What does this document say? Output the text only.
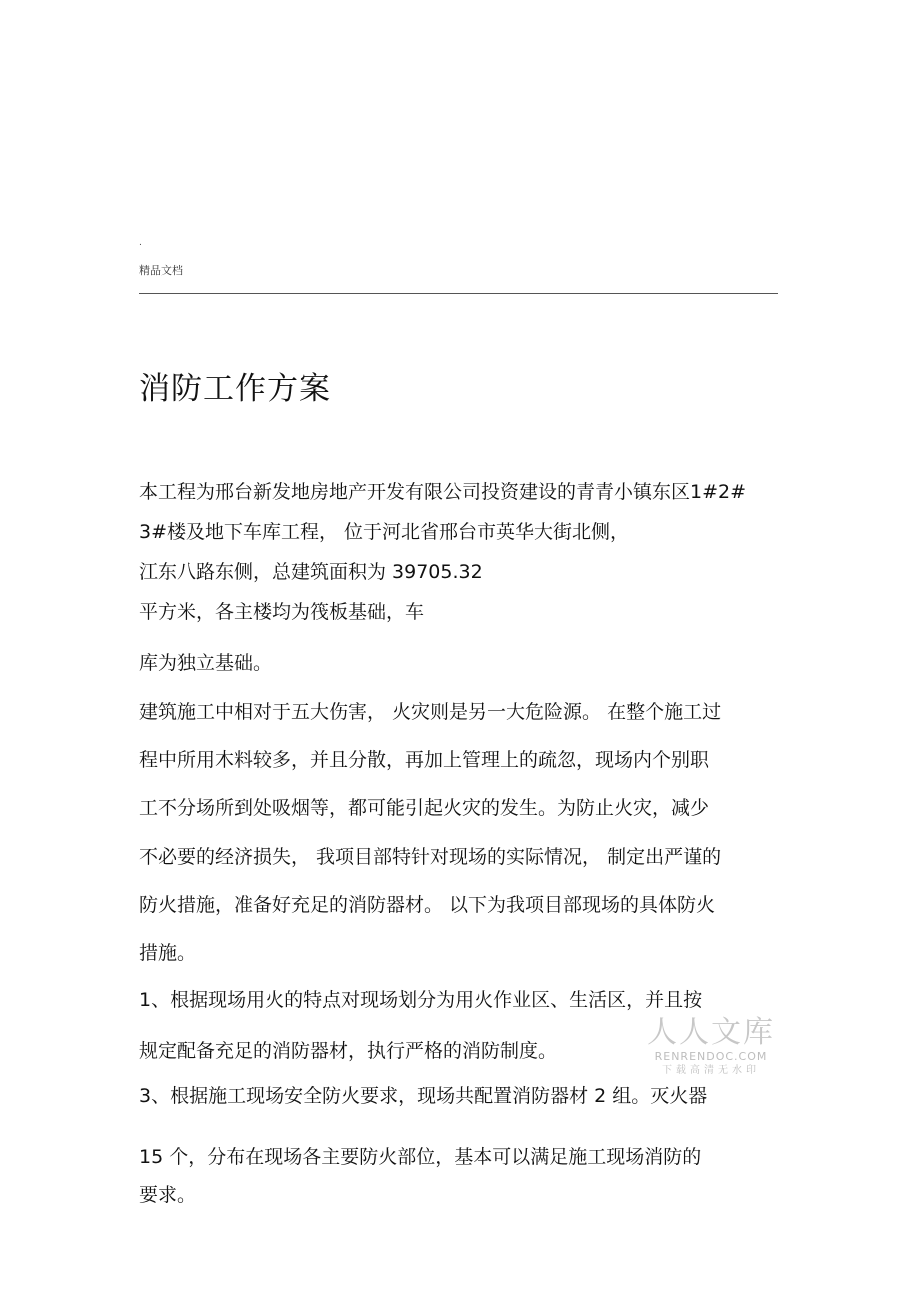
.
精品文档
消防工作方案
本工程为邢台新发地房地产开发有限公司投资建设的青青小镇东区1#2#
3#楼及地下车库工程， 位于河北省邢台市英华大街北侧，
江东八路东侧，总建筑面积为 39705.32
平方米，各主楼均为筏板基础，车
库为独立基础。
建筑施工中相对于五大伤害， 火灾则是另一大危险源。 在整个施工过
程中所用木料较多，并且分散，再加上管理上的疏忽，现场内个别职
工不分场所到处吸烟等，都可能引起火灾的发生。为防止火灾，减少
不必要的经济损失， 我项目部特针对现场的实际情况， 制定出严谨的
防火措施，准备好充足的消防器材。 以下为我项目部现场的具体防火
措施。
1、根据现场用火的特点对现场划分为用火作业区、生活区，并且按
规定配备充足的消防器材，执行严格的消防制度。
3、根据施工现场安全防火要求，现场共配置消防器材 2 组。灭火器
15 个，分布在现场各主要防火部位，基本可以满足施工现场消防的
要求。
人人文库
RENRENDOC.COM
下载高清无水印
